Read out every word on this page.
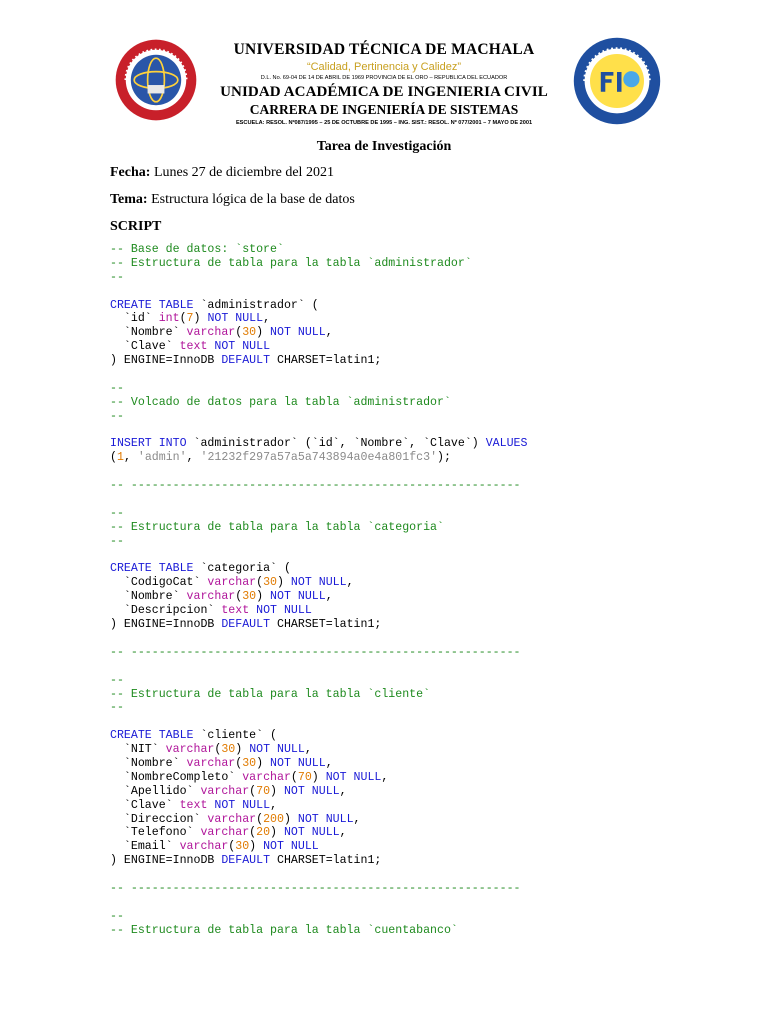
UNIVERSIDAD TÉCNICA DE MACHALA
“Calidad, Pertinencia y Calidez”
D.L. No. 69-04 DE 14 DE ABRIL DE 1969 PROVINCIA DE EL ORO – REPUBLICA DEL ECUADOR
UNIDAD ACADÉMICA DE INGENIERIA CIVIL
CARRERA DE INGENIERÍA DE SISTEMAS
ESCUELA: RESOL. Nº087/1995 – 25 DE OCTUBRE DE 1995 – ING. SIST.: RESOL. Nº 077/2001 – 7 MAYO DE 2001
Tarea de Investigación
Fecha: Lunes 27 de diciembre del 2021
Tema: Estructura lógica de la base de datos
SCRIPT
-- Base de datos: `store`
-- Estructura de tabla para la tabla `administrador`
--
CREATE TABLE `administrador` (
`id` int(7) NOT NULL,
`Nombre` varchar(30) NOT NULL,
`Clave` text NOT NULL
) ENGINE=InnoDB DEFAULT CHARSET=latin1;
--
-- Volcado de datos para la tabla `administrador`
--
INSERT INTO `administrador` (`id`, `Nombre`, `Clave`) VALUES
(1, 'admin', '21232f297a57a5a743894a0e4a801fc3');
-- --------------------------------------------------------
--
-- Estructura de tabla para la tabla `categoria`
--
CREATE TABLE `categoria` (
`CodigoCat` varchar(30) NOT NULL,
`Nombre` varchar(30) NOT NULL,
`Descripcion` text NOT NULL
) ENGINE=InnoDB DEFAULT CHARSET=latin1;
-- --------------------------------------------------------
--
-- Estructura de tabla para la tabla `cliente`
--
CREATE TABLE `cliente` (
`NIT` varchar(30) NOT NULL,
`Nombre` varchar(30) NOT NULL,
`NombreCompleto` varchar(70) NOT NULL,
`Apellido` varchar(70) NOT NULL,
`Clave` text NOT NULL,
`Direccion` varchar(200) NOT NULL,
`Telefono` varchar(20) NOT NULL,
`Email` varchar(30) NOT NULL
) ENGINE=InnoDB DEFAULT CHARSET=latin1;
-- --------------------------------------------------------
--
-- Estructura de tabla para la tabla `cuentabanco`
